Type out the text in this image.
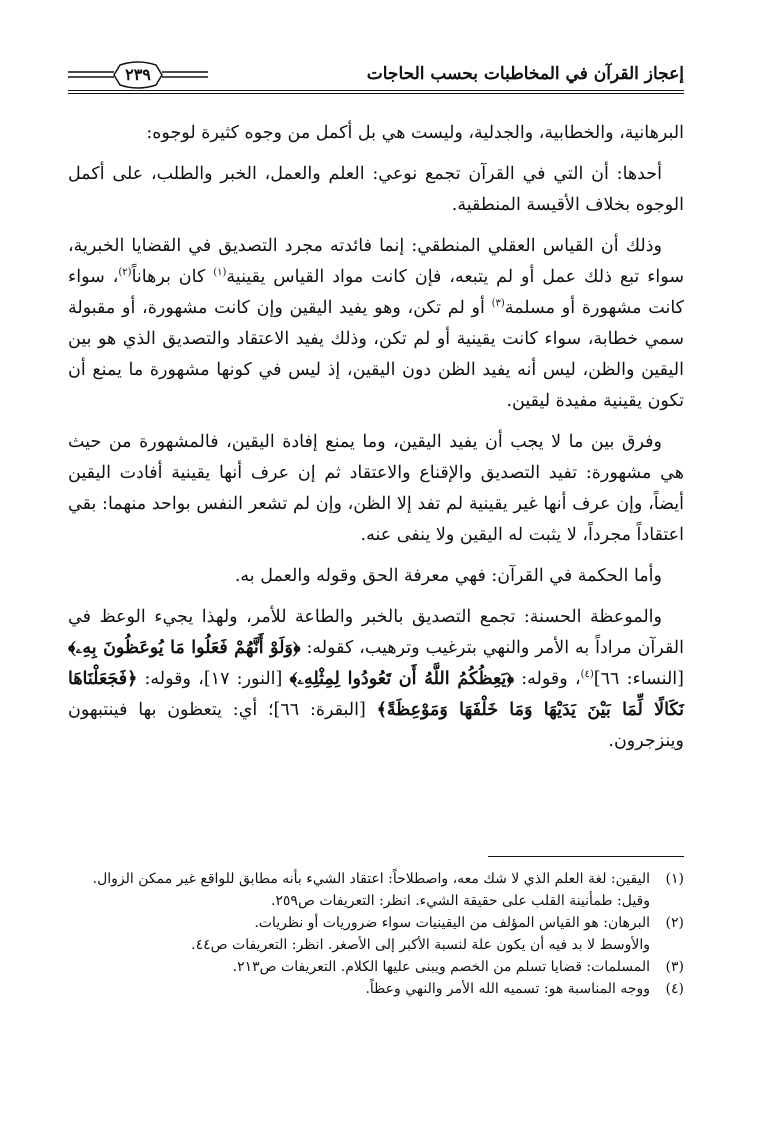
إعجاز القرآن في المخاطبات بحسب الحاجات
٢٣٩

البرهانية، والخطابية، والجدلية، وليست هي بل أكمل من وجوه كثيرة لوجوه:

أحدها: أن التي في القرآن تجمع نوعي: العلم والعمل، الخبر والطلب، على أكمل الوجوه بخلاف الأقيسة المنطقية.

وذلك أن القياس العقلي المنطقي: إنما فائدته مجرد التصديق في القضايا الخبرية، سواء تبع ذلك عمل أو لم يتبعه، فإن كانت مواد القياس يقينية$^{(١)}$ كان برهاناً$^{(٢)}$، سواء كانت مشهورة أو مسلمة$^{(٣)}$ أو لم تكن، وهو يفيد اليقين وإن كانت مشهورة، أو مقبولة سمي خطابة، سواء كانت يقينية أو لم تكن، وذلك يفيد الاعتقاد والتصديق الذي هو بين اليقين والظن، ليس أنه يفيد الظن دون اليقين، إذ ليس في كونها مشهورة ما يمنع أن تكون يقينية مفيدة ليقين.

وفرق بين ما لا يجب أن يفيد اليقين، وما يمنع إفادة اليقين، فالمشهورة من حيث هي مشهورة: تفيد التصديق والإقناع والاعتقاد ثم إن عرف أنها يقينية أفادت اليقين أيضاً، وإن عرف أنها غير يقينية لم تفد إلا الظن، وإن لم تشعر النفس بواحد منهما: بقي اعتقاداً مجرداً، لا يثبت له اليقين ولا ينفى عنه.

وأما الحكمة في القرآن: فهي معرفة الحق وقوله والعمل به.

والموعظة الحسنة: تجمع التصديق بالخبر والطاعة للأمر، ولهذا يجيء الوعظ في القرآن مراداً به الأمر والنهي بترغيب وترهيب، كقوله: ﴿وَلَوْ أَنَّهُمْ فَعَلُوا مَا يُوعَظُونَ بِهِۦ﴾ [النساء: ٦٦]$^{(٤)}$، وقوله: ﴿يَعِظُكُمُ اللَّهُ أَن تَعُودُوا لِمِثْلِهِۦ﴾ [النور: ١٧]، وقوله: ﴿فَجَعَلْنَاهَا نَكَالًا لِّمَا بَيْنَ يَدَيْهَا وَمَا خَلْفَهَا وَمَوْعِظَةً﴾ [البقرة: ٦٦]؛ أي: يتعظون بها فينتبهون وينزجرون.

(١)
اليقين: لغة العلم الذي لا شك معه، واصطلاحاً: اعتقاد الشيء بأنه مطابق للواقع غير ممكن الزوال.
وقيل: طمأنينة القلب على حقيقة الشيء. انظر: التعريفات ص٢٥٩.
(٢)
البرهان: هو القياس المؤلف من اليقينيات سواء ضروريات أو نظريات.
والأوسط لا بد فيه أن يكون علة لنسبة الأكبر إلى الأصغر. انظر: التعريفات ص٤٤.
(٣)
المسلمات: قضايا تسلم من الخصم ويبنى عليها الكلام. التعريفات ص٢١٣.
(٤)
ووجه المناسبة هو: تسميه الله الأمر والنهي وعظاً.
